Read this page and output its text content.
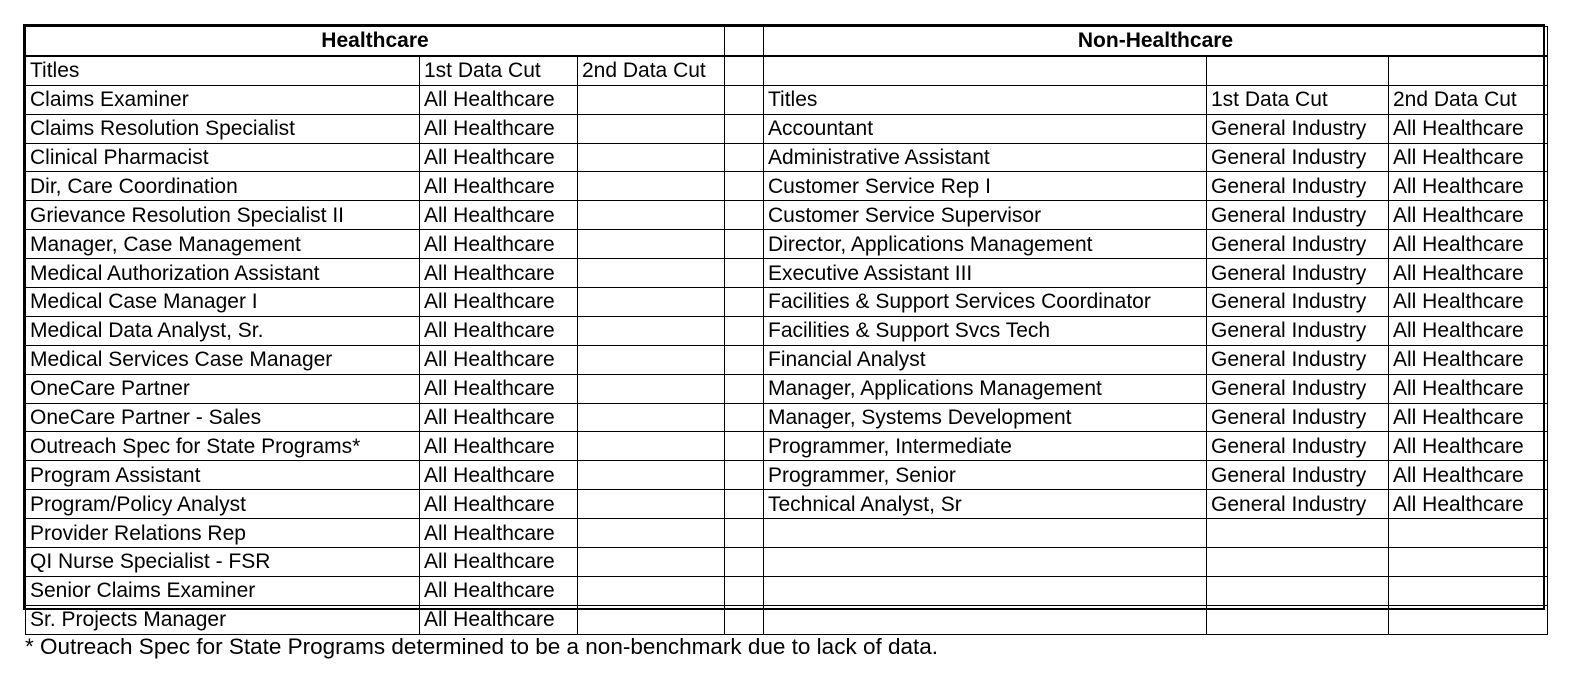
Healthcare				Non-Healthcare		
Titles	1st Data Cut	2nd Data Cut				
Claims Examiner	All Healthcare			Titles	1st Data Cut	2nd Data Cut
Claims Resolution Specialist	All Healthcare			Accountant	General Industry	All Healthcare
Clinical Pharmacist	All Healthcare			Administrative Assistant	General Industry	All Healthcare
Dir, Care Coordination	All Healthcare			Customer Service Rep I	General Industry	All Healthcare
Grievance Resolution Specialist II	All Healthcare			Customer Service Supervisor	General Industry	All Healthcare
Manager, Case Management	All Healthcare			Director, Applications Management	General Industry	All Healthcare
Medical Authorization Assistant	All Healthcare			Executive Assistant III	General Industry	All Healthcare
Medical Case Manager I	All Healthcare			Facilities & Support Services Coordinator	General Industry	All Healthcare
Medical Data Analyst, Sr.	All Healthcare			Facilities & Support Svcs Tech	General Industry	All Healthcare
Medical Services Case Manager	All Healthcare			Financial Analyst	General Industry	All Healthcare
OneCare Partner	All Healthcare			Manager, Applications Management	General Industry	All Healthcare
OneCare Partner - Sales	All Healthcare			Manager, Systems Development	General Industry	All Healthcare
Outreach Spec for State Programs*	All Healthcare			Programmer, Intermediate	General Industry	All Healthcare
Program Assistant	All Healthcare			Programmer, Senior	General Industry	All Healthcare
Program/Policy Analyst	All Healthcare			Technical Analyst, Sr	General Industry	All Healthcare
Provider Relations Rep	All Healthcare					
QI Nurse Specialist - FSR	All Healthcare					
Senior Claims Examiner	All Healthcare					
Sr. Projects Manager	All Healthcare					
* Outreach Spec for State Programs determined to be a non-benchmark due to lack of data.
